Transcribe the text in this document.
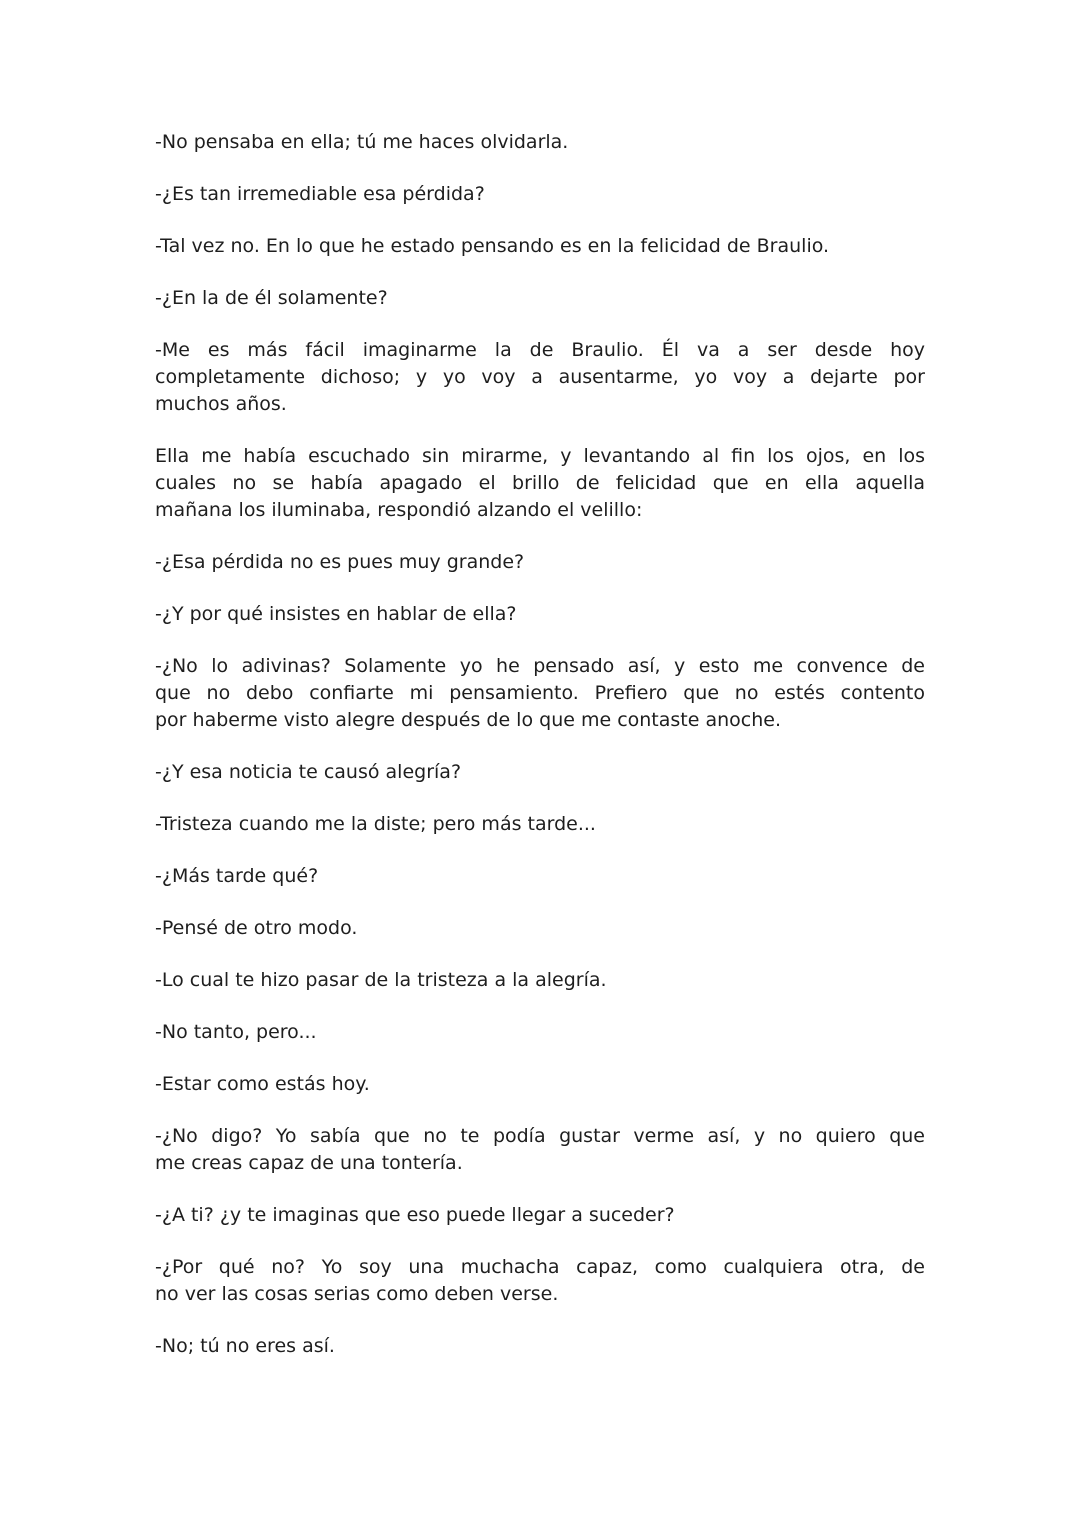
-No pensaba en ella; tú me haces olvidarla.
-¿Es tan irremediable esa pérdida?
-Tal vez no. En lo que he estado pensando es en la felicidad de Braulio.
-¿En la de él solamente?
-Me es más fácil imaginarme la de Braulio. Él va a ser desde hoy
completamente dichoso; y yo voy a ausentarme, yo voy a dejarte por
muchos años.
Ella me había escuchado sin mirarme, y levantando al fin los ojos, en los
cuales no se había apagado el brillo de felicidad que en ella aquella
mañana los iluminaba, respondió alzando el velillo:
-¿Esa pérdida no es pues muy grande?
-¿Y por qué insistes en hablar de ella?
-¿No lo adivinas? Solamente yo he pensado así, y esto me convence de
que no debo confiarte mi pensamiento. Prefiero que no estés contento
por haberme visto alegre después de lo que me contaste anoche.
-¿Y esa noticia te causó alegría?
-Tristeza cuando me la diste; pero más tarde...
-¿Más tarde qué?
-Pensé de otro modo.
-Lo cual te hizo pasar de la tristeza a la alegría.
-No tanto, pero...
-Estar como estás hoy.
-¿No digo? Yo sabía que no te podía gustar verme así, y no quiero que
me creas capaz de una tontería.
-¿A ti? ¿y te imaginas que eso puede llegar a suceder?
-¿Por qué no? Yo soy una muchacha capaz, como cualquiera otra, de
no ver las cosas serias como deben verse.
-No; tú no eres así.
